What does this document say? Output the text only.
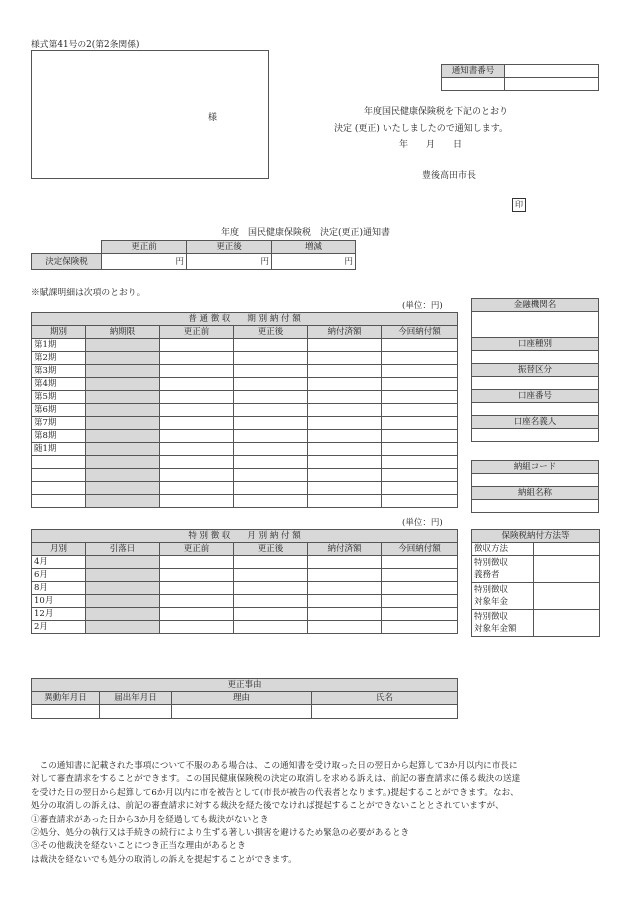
様式第41号の2(第2条関係)
様
通知書番号	

年度国民健康保険税を下記のとおり
決定 (更正) いたしましたので通知します。
年　　月　　日
豊後高田市長
印
年度　国民健康保険税　決定(更正)通知書
	更正前	更正後	増減
決定保険税	円	円	円
※賦課明細は次項のとおり。
(単位：円)
普 通 徴 収　　期 別 納 付 額					
期別	納期限	更正前	更正後	納付済額	今回納付額
第1期					
第2期					
第3期					
第4期					
第5期					
第6期					
第7期					
第8期					
随1期					

金融機関名

口座種別

振替区分

口座番号

口座名義人

納組コード

納組名称

(単位：円)
特 別 徴 収　　月 別 納 付 額					
月別	引落日	更正前	更正後	納付済額	今回納付額
4月					
6月					
8月					
10月					
12月					
2月					
保険税納付方法等	
徴収方法	
特別徴収
義務者	
特別徴収
対象年金	
特別徴収
対象年金額	
更正事由			
異動年月日	届出年月日	理由	氏名

　この通知書に記載された事項について不服のある場合は、この通知書を受け取った日の翌日から起算して3か月以内に市長に
対して審査請求をすることができます。この国民健康保険税の決定の取消しを求める訴えは、前記の審査請求に係る裁決の送達
を受けた日の翌日から起算して6か月以内に市を被告として(市長が被告の代表者となります。)提起することができます。なお、
処分の取消しの訴えは、前記の審査請求に対する裁決を経た後でなければ提起することができないこととされていますが、
①審査請求があった日から3か月を経過しても裁決がないとき
②処分、処分の執行又は手続きの続行により生ずる著しい損害を避けるため緊急の必要があるとき
③その他裁決を経ないことにつき正当な理由があるとき
は裁決を経ないでも処分の取消しの訴えを提起することができます。
